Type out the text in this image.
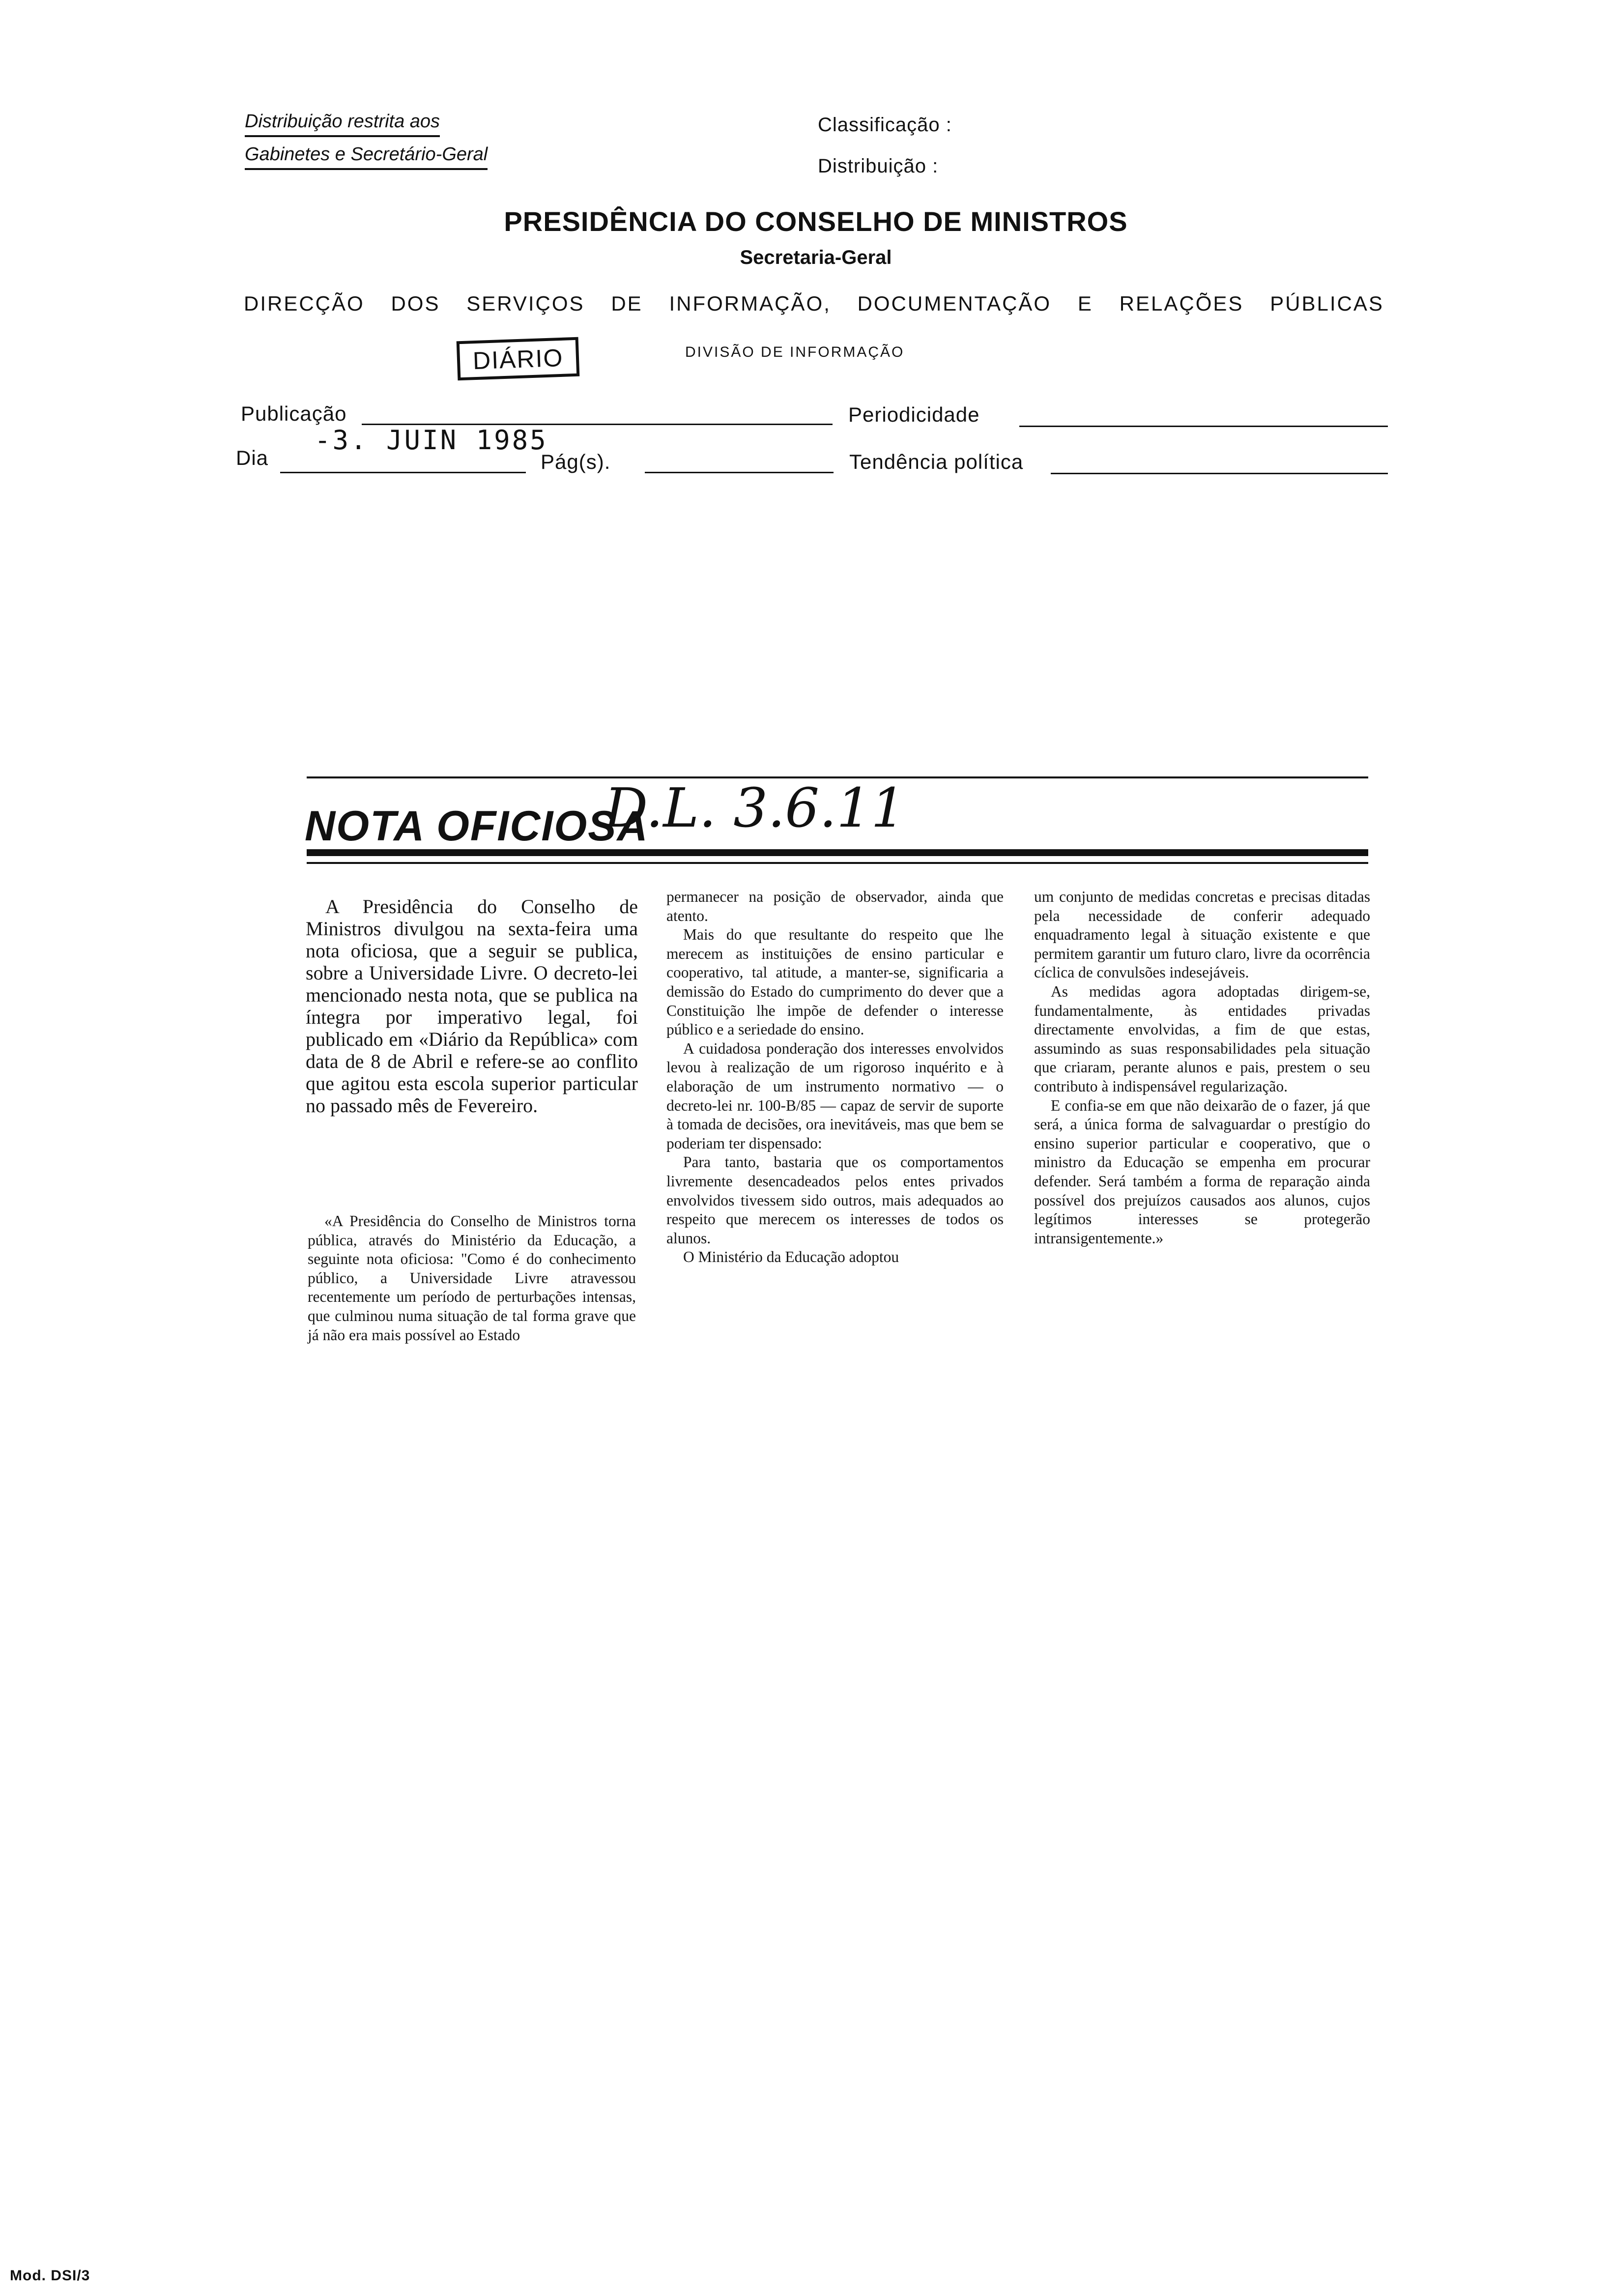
Distribuição restrita aos
Gabinetes e Secretário-Geral
Classificação :
Distribuição :
PRESIDÊNCIA DO CONSELHO DE MINISTROS
Secretaria-Geral
DIRECÇÃO DOS SERVIÇOS DE INFORMAÇÃO, DOCUMENTAÇÃO E RELAÇÕES PÚBLICAS
DIÁRIO	DIVISÃO DE INFORMAÇÃO
Publicação	Periodicidade
Dia
-3. JUIN 1985
Pág(s).	Tendência política
NOTA OFICIOSA
D.L. 3.6.11

A Presidência do Conselho de Ministros divulgou na sexta-feira uma nota oficiosa, que a seguir se publica, sobre a Universidade Livre. O decreto-lei mencionado nesta nota, que se publica na íntegra por imperativo legal, foi publicado em «Diário da República» com data de 8 de Abril e refere-se ao conflito que agitou esta escola superior particular no passado mês de Fevereiro.

«A Presidência do Conselho de Ministros torna pública, através do Ministério da Educação, a seguinte nota oficiosa: "Como é do conhecimento público, a Universidade Livre atravessou recentemente um período de perturbações intensas, que culminou numa situação de tal forma grave que já não era mais possível ao Estado

permanecer na posição de observador, ainda que atento.

Mais do que resultante do respeito que lhe merecem as instituições de ensino particular e cooperativo, tal atitude, a manter-se, significaria a demissão do Estado do cumprimento do dever que a Constituição lhe impõe de defender o interesse público e a seriedade do ensino.

A cuidadosa ponderação dos interesses envolvidos levou à realização de um rigoroso inquérito e à elaboração de um instrumento normativo — o decreto-lei nr. 100-B/85 — capaz de servir de suporte à tomada de decisões, ora inevitáveis, mas que bem se poderiam ter dispensado:

Para tanto, bastaria que os comportamentos livremente desencadeados pelos entes privados envolvidos tivessem sido outros, mais adequados ao respeito que merecem os interesses de todos os alunos.

O Ministério da Educação adoptou

um conjunto de medidas concretas e precisas ditadas pela necessidade de conferir adequado enquadramento legal à situação existente e que permitem garantir um futuro claro, livre da ocorrência cíclica de convulsões indesejáveis.

As medidas agora adoptadas dirigem-se, fundamentalmente, às entidades privadas directamente envolvidas, a fim de que estas, assumindo as suas responsabilidades pela situação que criaram, perante alunos e pais, prestem o seu contributo à indispensável regularização.

E confia-se em que não deixarão de o fazer, já que será, a única forma de salvaguardar o prestígio do ensino superior particular e cooperativo, que o ministro da Educação se empenha em procurar defender. Será também a forma de reparação ainda possível dos prejuízos causados aos alunos, cujos legítimos interesses se protegerão intransigentemente.»

Mod. DSI/3
